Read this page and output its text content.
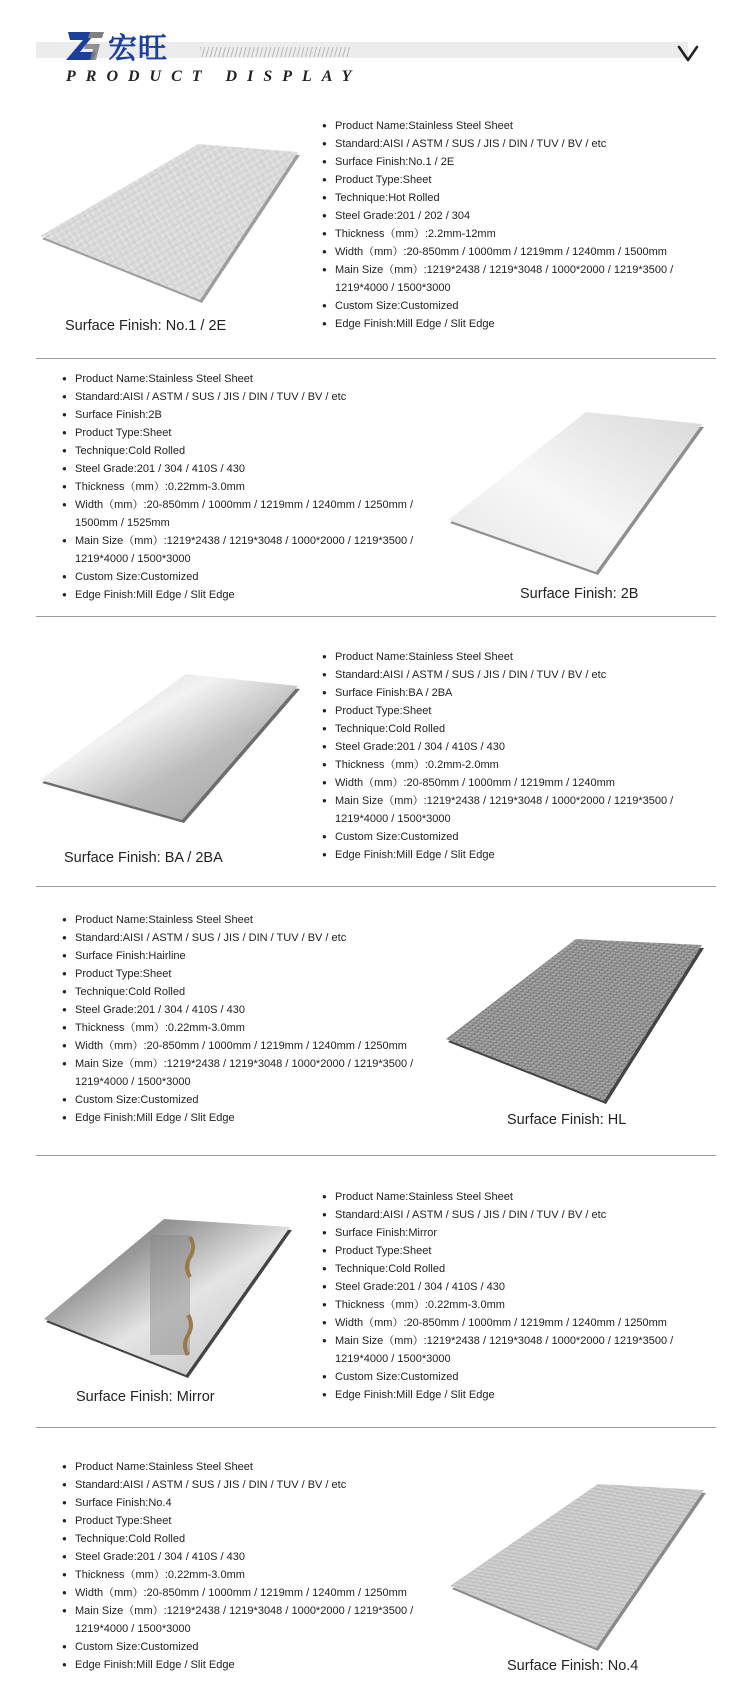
宏旺
PRODUCT DISPLAY
● Product Name:Stainless Steel Sheet
● Standard:AISI / ASTM / SUS / JIS / DIN / TUV / BV / etc
● Surface Finish:No.1 / 2E
● Product Type:Sheet
● Technique:Hot Rolled
● Steel Grade:201 / 202 / 304
● Thickness（mm）:2.2mm-12mm
● Width（mm）:20-850mm / 1000mm / 1219mm / 1240mm / 1500mm
● Main Size（mm）:1219*2438 / 1219*3048 / 1000*2000 / 1219*3500 / 1219*4000 / 1500*3000
● Custom Size:Customized
● Edge Finish:Mill Edge / Slit Edge
Surface Finish: No.1 / 2E
● Product Name:Stainless Steel Sheet
● Standard:AISI / ASTM / SUS / JIS / DIN / TUV / BV / etc
● Surface Finish:2B
● Product Type:Sheet
● Technique:Cold Rolled
● Steel Grade:201 / 304 / 410S / 430
● Thickness（mm）:0.22mm-3.0mm
● Width（mm）:20-850mm / 1000mm / 1219mm / 1240mm / 1250mm / 1500mm / 1525mm
● Main Size（mm）:1219*2438 / 1219*3048 / 1000*2000 / 1219*3500 / 1219*4000 / 1500*3000
● Custom Size:Customized
● Edge Finish:Mill Edge / Slit Edge	Surface Finish: 2B
● Product Name:Stainless Steel Sheet
● Standard:AISI / ASTM / SUS / JIS / DIN / TUV / BV / etc
● Surface Finish:BA / 2BA
● Product Type:Sheet
● Technique:Cold Rolled
● Steel Grade:201 / 304 / 410S / 430
● Thickness（mm）:0.2mm-2.0mm
● Width（mm）:20-850mm / 1000mm / 1219mm / 1240mm
● Main Size（mm）:1219*2438 / 1219*3048 / 1000*2000 / 1219*3500 / 1219*4000 / 1500*3000
● Custom Size:Customized
● Edge Finish:Mill Edge / Slit Edge
Surface Finish: BA / 2BA
● Product Name:Stainless Steel Sheet
● Standard:AISI / ASTM / SUS / JIS / DIN / TUV / BV / etc
● Surface Finish:Hairline
● Product Type:Sheet
● Technique:Cold Rolled
● Steel Grade:201 / 304 / 410S / 430
● Thickness（mm）:0.22mm-3.0mm
● Width（mm）:20-850mm / 1000mm / 1219mm / 1240mm / 1250mm
● Main Size（mm）:1219*2438 / 1219*3048 / 1000*2000 / 1219*3500 / 1219*4000 / 1500*3000
● Custom Size:Customized
● Edge Finish:Mill Edge / Slit Edge	Surface Finish: HL
● Product Name:Stainless Steel Sheet
● Standard:AISI / ASTM / SUS / JIS / DIN / TUV / BV / etc
● Surface Finish:Mirror
● Product Type:Sheet
● Technique:Cold Rolled
● Steel Grade:201 / 304 / 410S / 430
● Thickness（mm）:0.22mm-3.0mm
● Width（mm）:20-850mm / 1000mm / 1219mm / 1240mm / 1250mm
● Main Size（mm）:1219*2438 / 1219*3048 / 1000*2000 / 1219*3500 / 1219*4000 / 1500*3000
● Custom Size:Customized
● Edge Finish:Mill Edge / Slit Edge
Surface Finish: Mirror
● Product Name:Stainless Steel Sheet
● Standard:AISI / ASTM / SUS / JIS / DIN / TUV / BV / etc
● Surface Finish:No.4
● Product Type:Sheet
● Technique:Cold Rolled
● Steel Grade:201 / 304 / 410S / 430
● Thickness（mm）:0.22mm-3.0mm
● Width（mm）:20-850mm / 1000mm / 1219mm / 1240mm / 1250mm
● Main Size（mm）:1219*2438 / 1219*3048 / 1000*2000 / 1219*3500 / 1219*4000 / 1500*3000
● Custom Size:Customized
● Edge Finish:Mill Edge / Slit Edge	Surface Finish: No.4
